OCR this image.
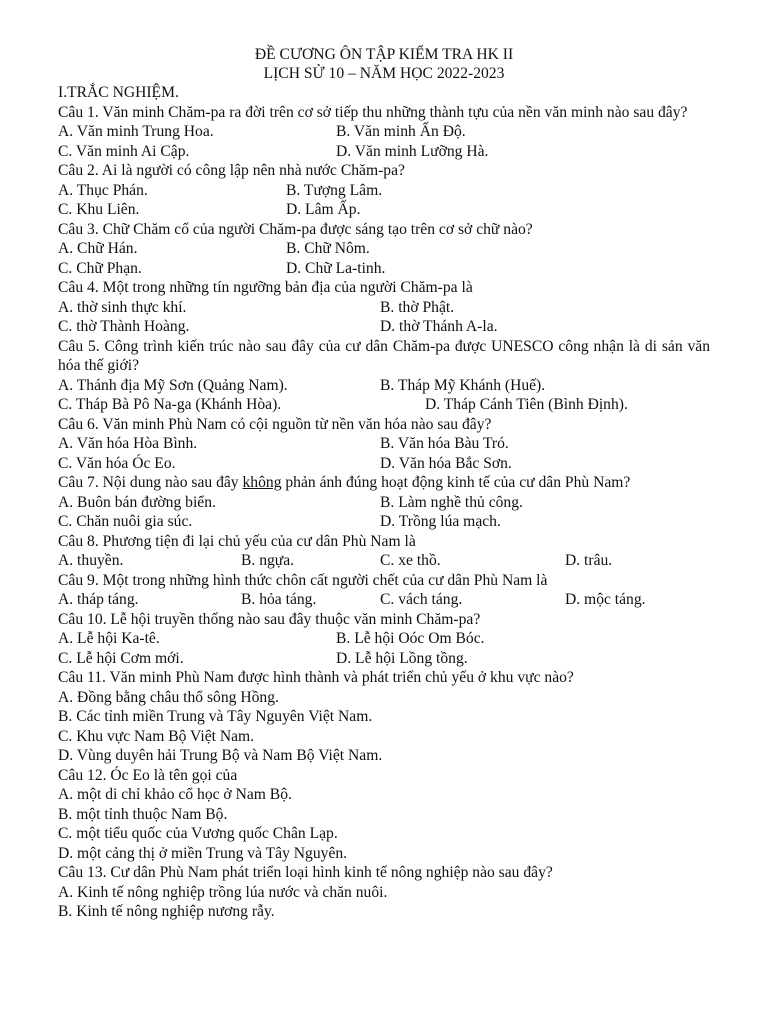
ĐỀ CƯƠNG ÔN TẬP KIỂM TRA HK II
LỊCH SỬ 10 – NĂM HỌC 2022-2023
I.TRẮC NGHIỆM.
Câu 1. Văn minh Chăm-pa ra đời trên cơ sở tiếp thu những thành tựu của nền văn minh nào sau đây?
A. Văn minh Trung Hoa.	B. Văn minh Ấn Độ.
C. Văn minh Ai Cập.	D. Văn minh Lưỡng Hà.
Câu 2. Ai là người có công lập nên nhà nước Chăm-pa?
A. Thục Phán.	B. Tượng Lâm.
C. Khu Liên.	D. Lâm Ấp.
Câu 3. Chữ Chăm cổ của người Chăm-pa được sáng tạo trên cơ sở chữ nào?
A. Chữ Hán.	B. Chữ Nôm.
C. Chữ Phạn.	D. Chữ La-tinh.
Câu 4. Một trong những tín ngưỡng bản địa của người Chăm-pa là
A. thờ sinh thực khí.	B. thờ Phật.
C. thờ Thành Hoàng.	D. thờ Thánh A-la.
Câu 5. Công trình kiến trúc nào sau đây của cư dân Chăm-pa được UNESCO công nhận là di sản văn hóa thế giới?
A. Thánh địa Mỹ Sơn (Quảng Nam).	B. Tháp Mỹ Khánh (Huế).
C. Tháp Bà Pô Na-ga (Khánh Hòa).	D. Tháp Cánh Tiên (Bình Định).
Câu 6. Văn minh Phù Nam có cội nguồn từ nền văn hóa nào sau đây?
A. Văn hóa Hòa Bình.	B. Văn hóa Bàu Tró.
C. Văn hóa Óc Eo.	D. Văn hóa Bắc Sơn.
Câu 7. Nội dung nào sau đây không phản ánh đúng hoạt động kinh tế của cư dân Phù Nam?
A. Buôn bán đường biển.	B. Làm nghề thủ công.
C. Chăn nuôi gia súc.	D. Trồng lúa mạch.
Câu 8. Phương tiện đi lại chủ yếu của cư dân Phù Nam là
A. thuyền.	B. ngựa.	C. xe thồ.	D. trâu.
Câu 9. Một trong những hình thức chôn cất người chết của cư dân Phù Nam là
A. tháp táng.	B. hỏa táng.	C. vách táng.	D. mộc táng.
Câu 10. Lễ hội truyền thống nào sau đây thuộc văn minh Chăm-pa?
A. Lễ hội Ka-tê.	B. Lễ hội Oóc Om Bóc.
C. Lễ hội Cơm mới.	D. Lễ hội Lồng tồng.
Câu 11. Văn minh Phù Nam được hình thành và phát triển chủ yếu ở khu vực nào?
A. Đồng bằng châu thổ sông Hồng.
B. Các tỉnh miền Trung và Tây Nguyên Việt Nam.
C. Khu vực Nam Bộ Việt Nam.
D. Vùng duyên hải Trung Bộ và Nam Bộ Việt Nam.
Câu 12. Óc Eo là tên gọi của
A. một di chỉ khảo cổ học ở Nam Bộ.
B. một tỉnh thuộc Nam Bộ.
C. một tiểu quốc của Vương quốc Chân Lạp.
D. một cảng thị ở miền Trung và Tây Nguyên.
Câu 13. Cư dân Phù Nam phát triển loại hình kinh tế nông nghiệp nào sau đây?
A. Kinh tế nông nghiệp trồng lúa nước và chăn nuôi.
B. Kinh tế nông nghiệp nương rẫy.
